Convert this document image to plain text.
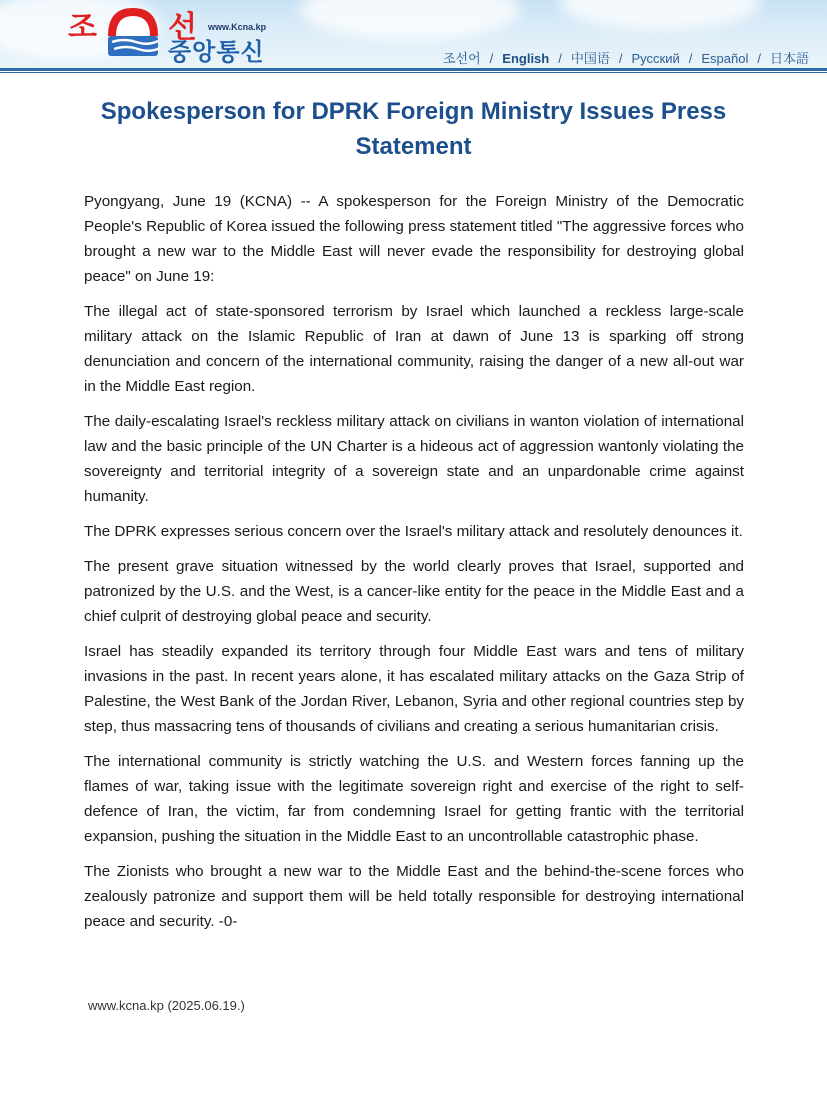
조 선 www.Kcna.kp
중앙통신	조선어 / English / 中国语 / Русский / Español / 日本語
Spokesperson for DPRK Foreign Ministry Issues Press Statement

Pyongyang, June 19 (KCNA) -- A spokesperson for the Foreign Ministry of the Democratic People's Republic of Korea issued the following press statement titled "The aggressive forces who brought a new war to the Middle East will never evade the responsibility for destroying global peace" on June 19:

The illegal act of state-sponsored terrorism by Israel which launched a reckless large-scale military attack on the Islamic Republic of Iran at dawn of June 13 is sparking off strong denunciation and concern of the international community, raising the danger of a new all-out war in the Middle East region.

The daily-escalating Israel's reckless military attack on civilians in wanton violation of international law and the basic principle of the UN Charter is a hideous act of aggression wantonly violating the sovereignty and territorial integrity of a sovereign state and an unpardonable crime against humanity.

The DPRK expresses serious concern over the Israel's military attack and resolutely denounces it.

The present grave situation witnessed by the world clearly proves that Israel, supported and patronized by the U.S. and the West, is a cancer-like entity for the peace in the Middle East and a chief culprit of destroying global peace and security.

Israel has steadily expanded its territory through four Middle East wars and tens of military invasions in the past. In recent years alone, it has escalated military attacks on the Gaza Strip of Palestine, the West Bank of the Jordan River, Lebanon, Syria and other regional countries step by step, thus massacring tens of thousands of civilians and creating a serious humanitarian crisis.

The international community is strictly watching the U.S. and Western forces fanning up the flames of war, taking issue with the legitimate sovereign right and exercise of the right to self-defence of Iran, the victim, far from condemning Israel for getting frantic with the territorial expansion, pushing the situation in the Middle East to an uncontrollable catastrophic phase.

The Zionists who brought a new war to the Middle East and the behind-the-scene forces who zealously patronize and support them will be held totally responsible for destroying international peace and security. -0-

www.kcna.kp (2025.06.19.)
